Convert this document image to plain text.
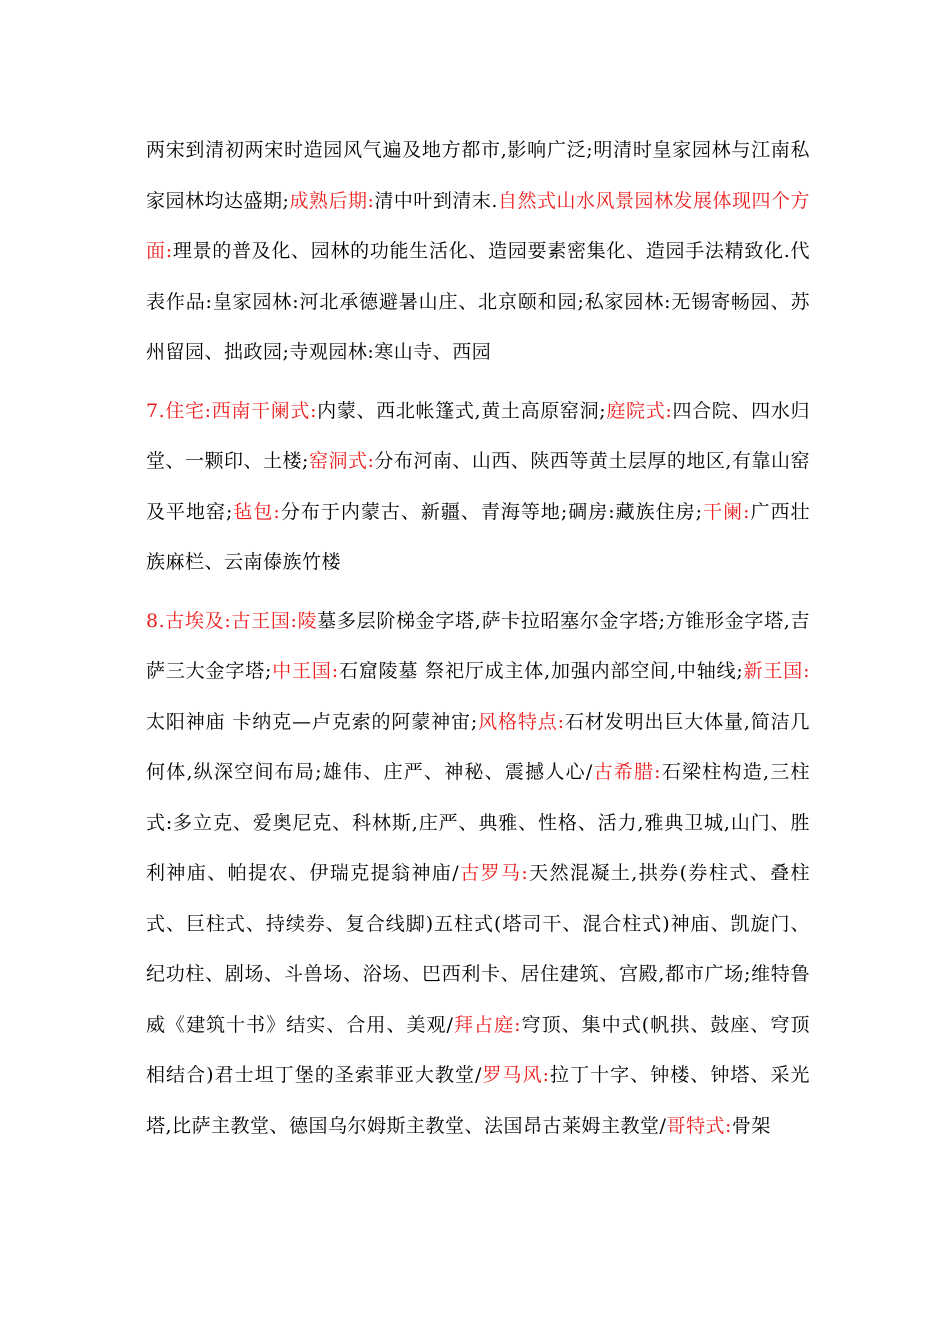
两宋到清初两宋时造园风气遍及地方都市,影响广泛;明清时皇家园林与江南私家园林均达盛期;成熟后期:清中叶到清末.自然式山水风景园林发展体现四个方面:理景的普及化、园林的功能生活化、造园要素密集化、造园手法精致化.代表作品:皇家园林:河北承德避暑山庄、北京颐和园;私家园林:无锡寄畅园、苏州留园、拙政园;寺观园林:寒山寺、西园

7.住宅:西南干阑式:内蒙、西北帐篷式,黄土高原窑洞;庭院式:四合院、四水归堂、一颗印、土楼;窑洞式:分布河南、山西、陕西等黄土层厚的地区,有靠山窑及平地窑;毡包:分布于内蒙古、新疆、青海等地;碉房:藏族住房;干阑:广西壮族麻栏、云南傣族竹楼

8.古埃及:古王国:陵墓多层阶梯金字塔,萨卡拉昭塞尔金字塔;方锥形金字塔,吉萨三大金字塔;中王国:石窟陵墓 祭祀厅成主体,加强内部空间,中轴线;新王国:太阳神庙 卡纳克—卢克索的阿蒙神宙;风格特点:石材发明出巨大体量,简洁几何体,纵深空间布局;雄伟、庄严、神秘、震撼人心/古希腊:石梁柱构造,三柱式:多立克、爱奥尼克、科林斯,庄严、典雅、性格、活力,雅典卫城,山门、胜利神庙、帕提农、伊瑞克提翁神庙/古罗马:天然混凝土,拱券(券柱式、叠柱式、巨柱式、持续券、复合线脚)五柱式(塔司干、混合柱式)神庙、凯旋门、纪功柱、剧场、斗兽场、浴场、巴西利卡、居住建筑、宫殿,都市广场;维特鲁威《建筑十书》结实、合用、美观/拜占庭:穹顶、集中式(帆拱、鼓座、穹顶相结合)君士坦丁堡的圣索菲亚大教堂/罗马风:拉丁十字、钟楼、钟塔、采光塔,比萨主教堂、德国乌尔姆斯主教堂、法国昂古莱姆主教堂/哥特式:骨架
